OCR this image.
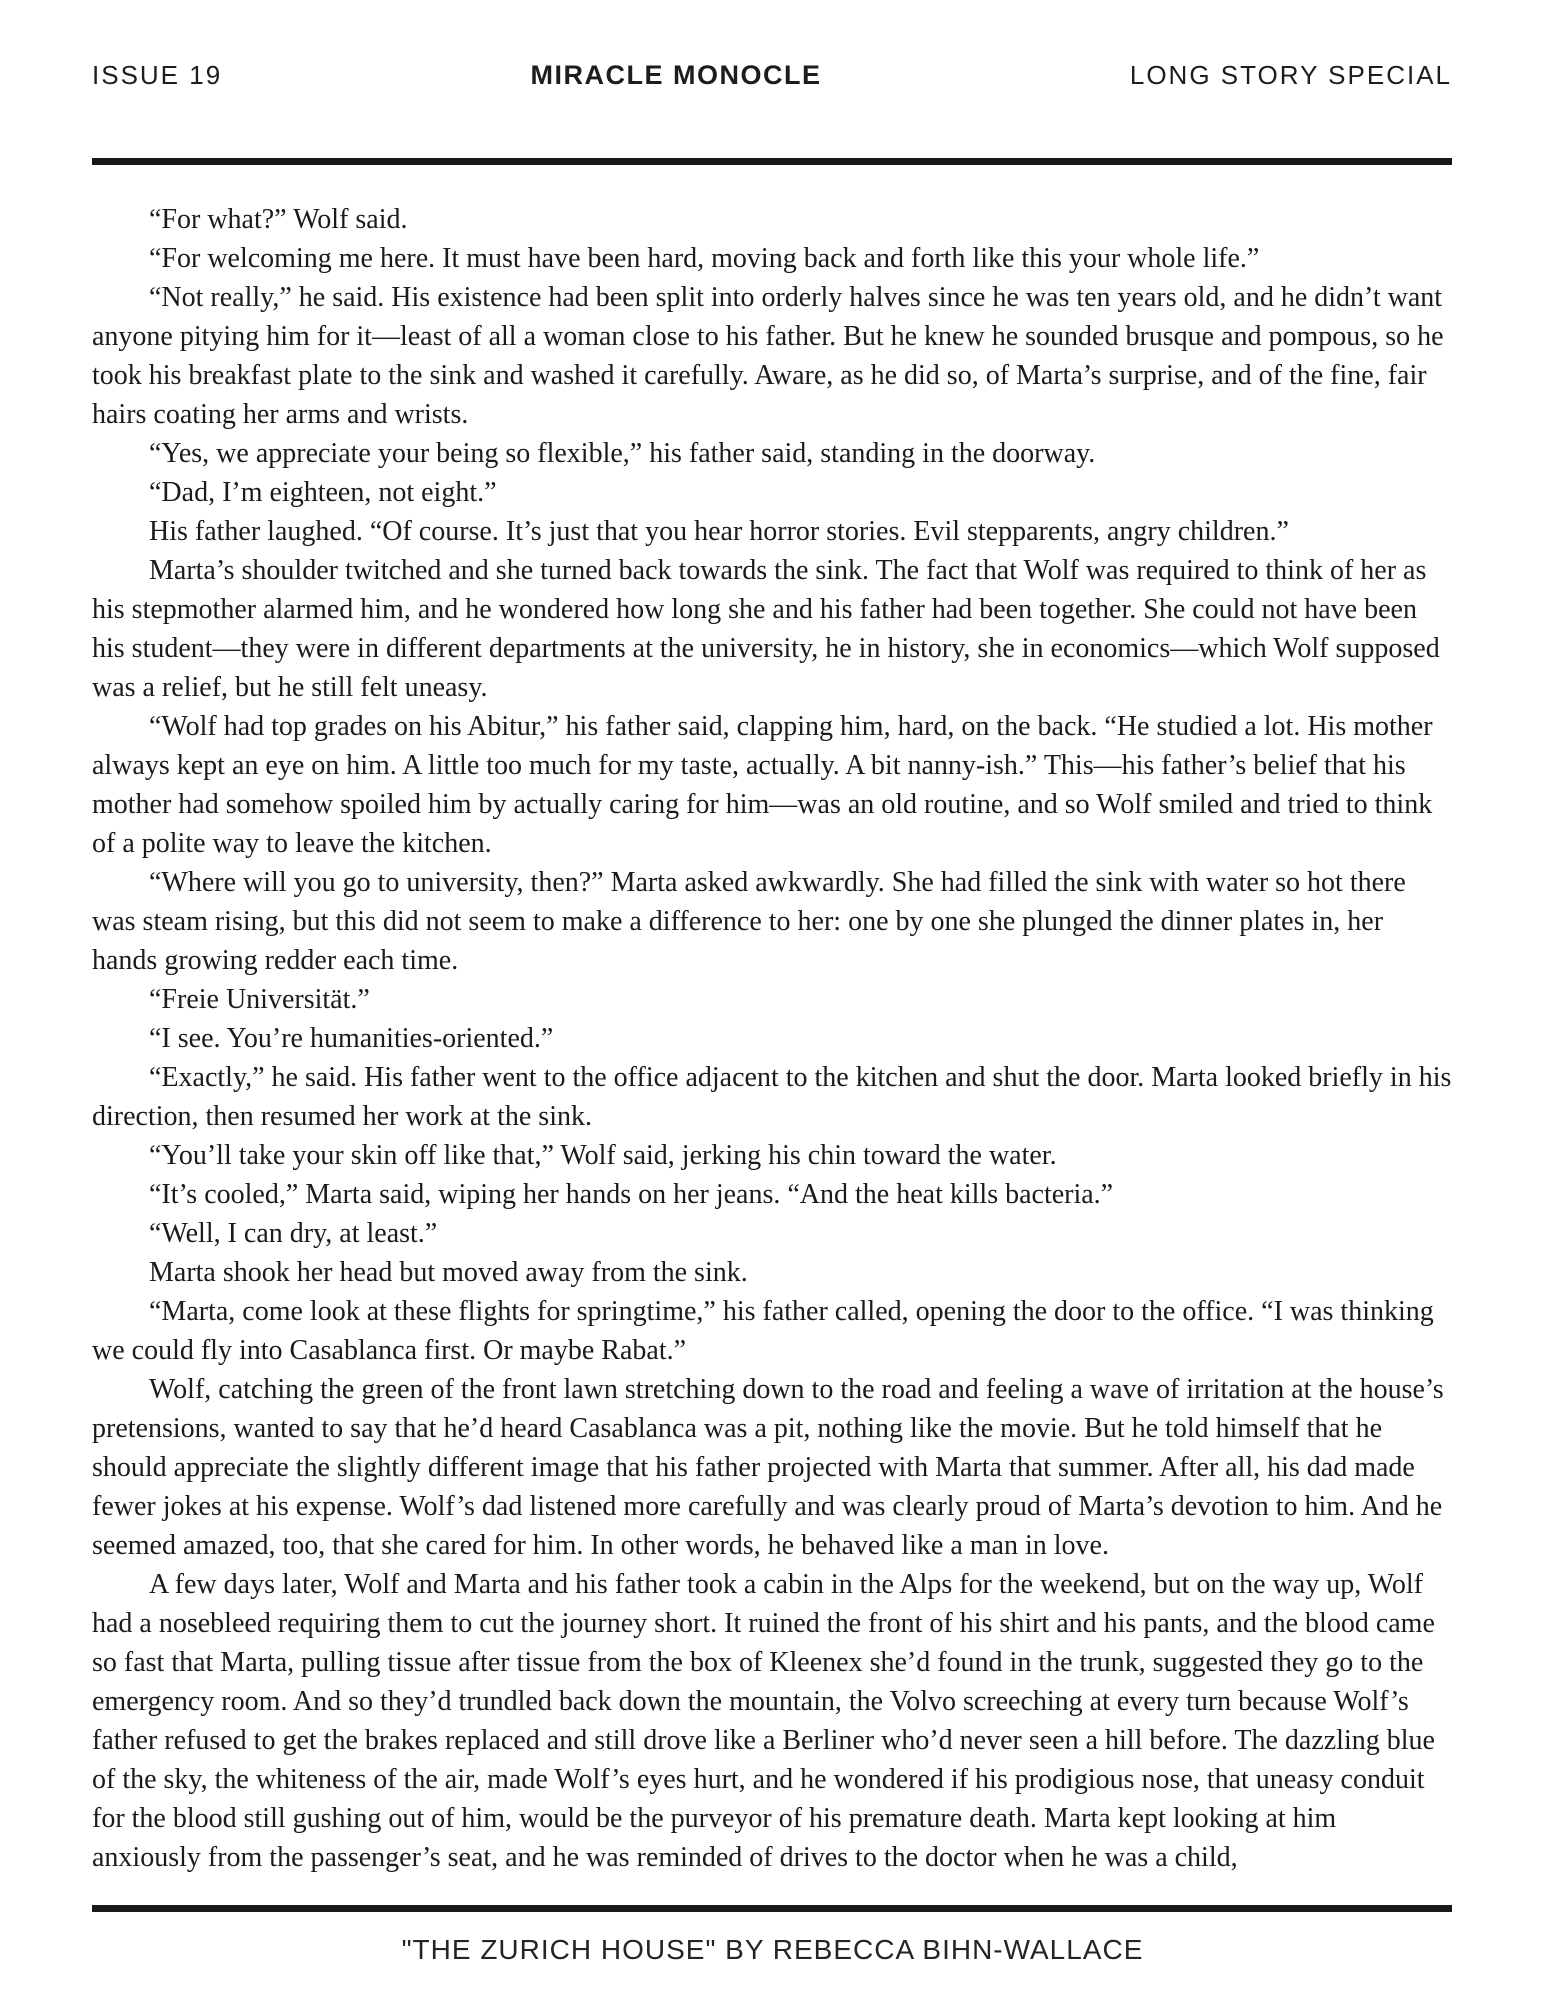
ISSUE 19	MIRACLE MONOCLE	LONG STORY SPECIAL

“For what?” Wolf said.

“For welcoming me here. It must have been hard, moving back and forth like this your whole life.”

“Not really,” he said. His existence had been split into orderly halves since he was ten years old, and he didn’t want anyone pitying him for it—least of all a woman close to his father. But he knew he sounded brusque and pompous, so he took his breakfast plate to the sink and washed it carefully. Aware, as he did so, of Marta’s surprise, and of the fine, fair hairs coating her arms and wrists.

“Yes, we appreciate your being so flexible,” his father said, standing in the doorway.

“Dad, I’m eighteen, not eight.”

His father laughed. “Of course. It’s just that you hear horror stories. Evil stepparents, angry children.”

Marta’s shoulder twitched and she turned back towards the sink. The fact that Wolf was required to think of her as his stepmother alarmed him, and he wondered how long she and his father had been together. She could not have been his student—they were in different departments at the university, he in history, she in economics—which Wolf supposed was a relief, but he still felt uneasy.

“Wolf had top grades on his Abitur,” his father said, clapping him, hard, on the back. “He studied a lot. His mother always kept an eye on him. A little too much for my taste, actually. A bit nanny-ish.” This—his father’s belief that his mother had somehow spoiled him by actually caring for him—was an old routine, and so Wolf smiled and tried to think of a polite way to leave the kitchen.

“Where will you go to university, then?” Marta asked awkwardly. She had filled the sink with water so hot there was steam rising, but this did not seem to make a difference to her: one by one she plunged the dinner plates in, her hands growing redder each time.

“Freie Universität.”

“I see. You’re humanities-oriented.”

“Exactly,” he said. His father went to the office adjacent to the kitchen and shut the door. Marta looked briefly in his direction, then resumed her work at the sink.

“You’ll take your skin off like that,” Wolf said, jerking his chin toward the water.

“It’s cooled,” Marta said, wiping her hands on her jeans. “And the heat kills bacteria.”

“Well, I can dry, at least.”

Marta shook her head but moved away from the sink.

“Marta, come look at these flights for springtime,” his father called, opening the door to the office. “I was thinking we could fly into Casablanca first. Or maybe Rabat.”

Wolf, catching the green of the front lawn stretching down to the road and feeling a wave of irritation at the house’s pretensions, wanted to say that he’d heard Casablanca was a pit, nothing like the movie. But he told himself that he should appreciate the slightly different image that his father projected with Marta that summer. After all, his dad made fewer jokes at his expense. Wolf’s dad listened more carefully and was clearly proud of Marta’s devotion to him. And he seemed amazed, too, that she cared for him. In other words, he behaved like a man in love.

A few days later, Wolf and Marta and his father took a cabin in the Alps for the weekend, but on the way up, Wolf had a nosebleed requiring them to cut the journey short. It ruined the front of his shirt and his pants, and the blood came so fast that Marta, pulling tissue after tissue from the box of Kleenex she’d found in the trunk, suggested they go to the emergency room. And so they’d trundled back down the mountain, the Volvo screeching at every turn because Wolf’s father refused to get the brakes replaced and still drove like a Berliner who’d never seen a hill before. The dazzling blue of the sky, the whiteness of the air, made Wolf’s eyes hurt, and he wondered if his prodigious nose, that uneasy conduit for the blood still gushing out of him, would be the purveyor of his premature death. Marta kept looking at him anxiously from the passenger’s seat, and he was reminded of drives to the doctor when he was a child,

"THE ZURICH HOUSE" BY REBECCA BIHN-WALLACE
